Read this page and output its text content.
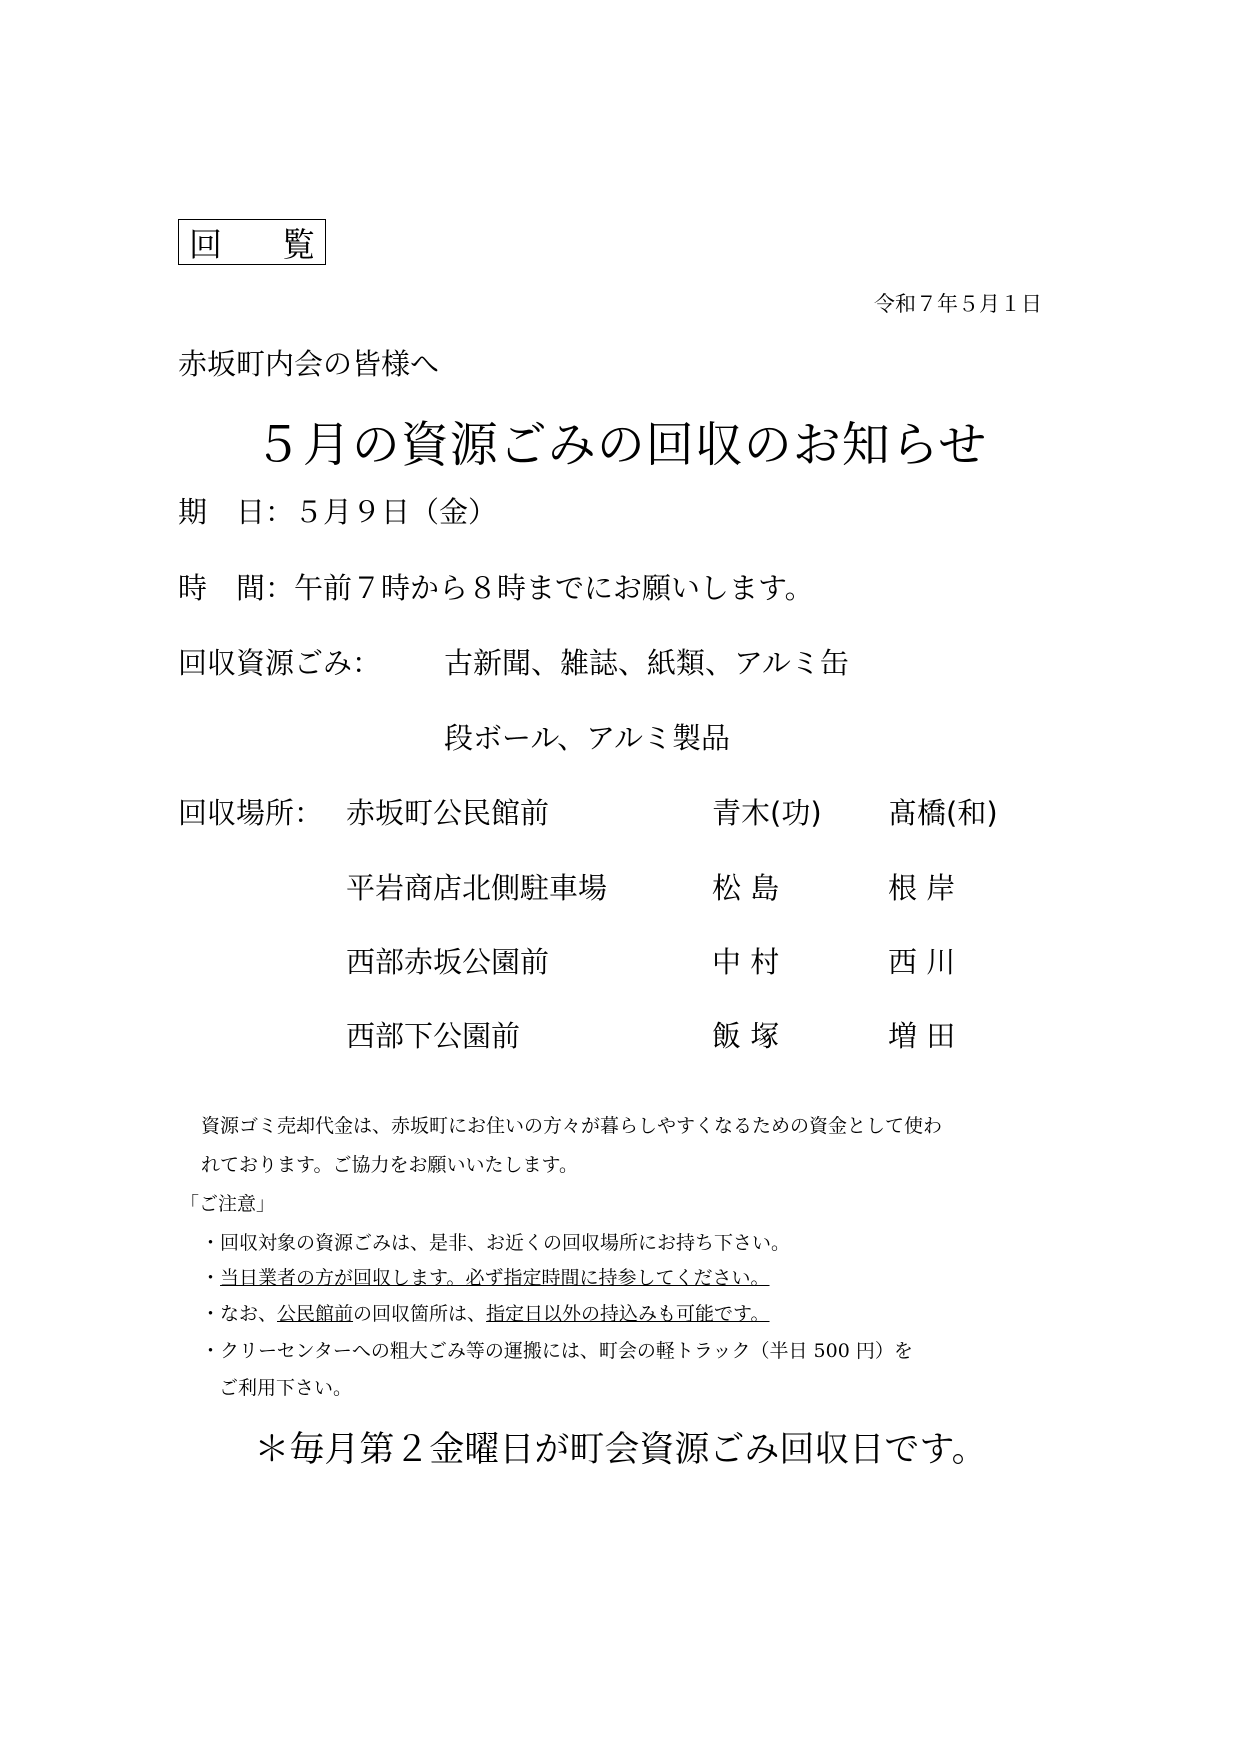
回 覧
令和７年５月１日
赤坂町内会の皆様へ
５月の資源ごみの回収のお知らせ
期　日：５月９日（金）
時　間：午前７時から８時までにお願いします。
回収資源ごみ： 古新聞、雑誌、紙類、アルミ缶
段ボール、アルミ製品
回収場所： 赤坂町公民館前	青木(功) 髙橋(和)
平岩商店北側駐車場	松 島	根 岸
西部赤坂公園前	中 村	西 川
西部下公園前	飯 塚	増 田
資源ゴミ売却代金は、赤坂町にお住いの方々が暮らしやすくなるための資金として使わ
れております。ご協力をお願いいたします。
「ご注意」
・回収対象の資源ごみは、是非、お近くの回収場所にお持ち下さい。
・当日業者の方が回収します。必ず指定時間に持参してください。
・なお、公民館前の回収箇所は、指定日以外の持込みも可能です。
・クリーセンターへの粗大ごみ等の運搬には、町会の軽トラック（半日 500 円）を
ご利用下さい。
＊毎月第２金曜日が町会資源ごみ回収日です。
